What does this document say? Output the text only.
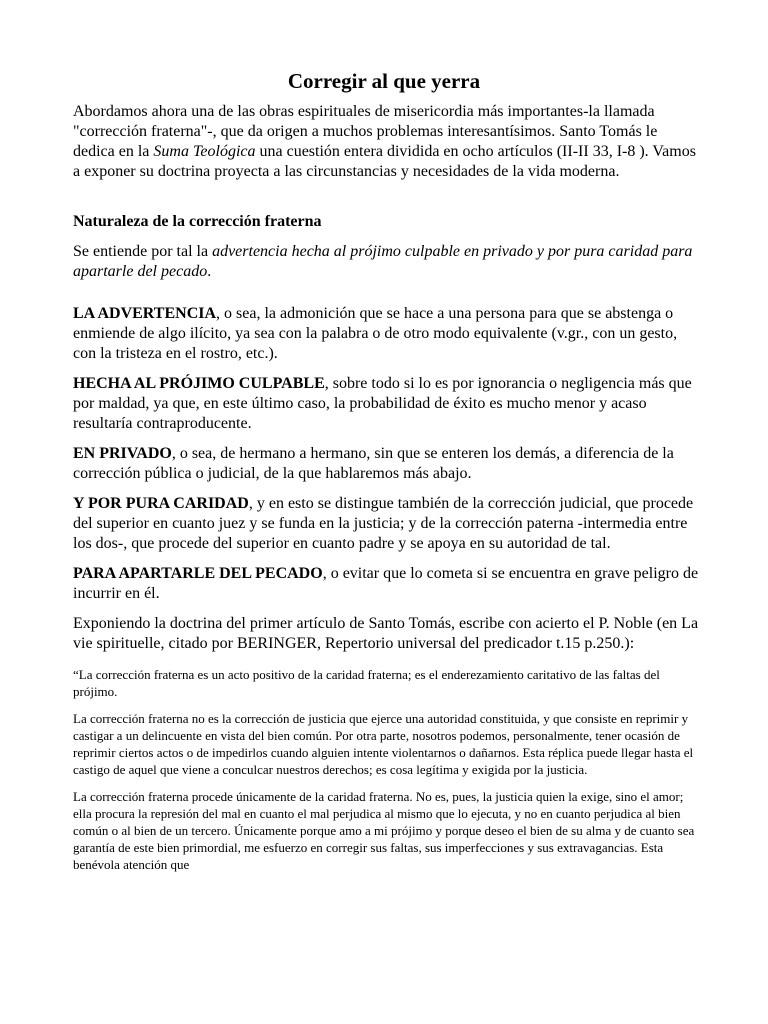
Corregir al que yerra

Abordamos ahora una de las obras espirituales de misericordia más importantes-la llamada "corrección fraterna"-, que da origen a muchos problemas interesantísimos. Santo Tomás le dedica en la Suma Teológica una cuestión entera dividida en ocho artículos (II-II 33, I-8 ). Vamos a exponer su doctrina proyecta a las circunstancias y necesidades de la vida moderna.

Naturaleza de la corrección fraterna

Se entiende por tal la advertencia hecha al prójimo culpable en privado y por pura caridad para apartarle del pecado.

LA ADVERTENCIA, o sea, la admonición que se hace a una persona para que se abstenga o enmiende de algo ilícito, ya sea con la palabra o de otro modo equivalente (v.gr., con un gesto, con la tristeza en el rostro, etc.).

HECHA AL PRÓJIMO CULPABLE, sobre todo si lo es por ignorancia o negligencia más que por maldad, ya que, en este último caso, la probabilidad de éxito es mucho menor y acaso resultaría contraproducente.

EN PRIVADO, o sea, de hermano a hermano, sin que se enteren los demás, a diferencia de la corrección pública o judicial, de la que hablaremos más abajo.

Y POR PURA CARIDAD, y en esto se distingue también de la corrección judicial, que procede del superior en cuanto juez y se funda en la justicia; y de la corrección paterna -intermedia entre los dos-, que procede del superior en cuanto padre y se apoya en su autoridad de tal.

PARA APARTARLE DEL PECADO, o evitar que lo cometa si se encuentra en grave peligro de incurrir en él.

Exponiendo la doctrina del primer artículo de Santo Tomás, escribe con acierto el P. Noble (en La vie spirituelle, citado por BERINGER, Repertorio universal del predicador t.15 p.250.):

“La corrección fraterna es un acto positivo de la caridad fraterna; es el enderezamiento caritativo de las faltas del prójimo.

La corrección fraterna no es la corrección de justicia que ejerce una autoridad constituida, y que consiste en reprimir y castigar a un delincuente en vista del bien común. Por otra parte, nosotros podemos, personalmente, tener ocasión de reprimir ciertos actos o de impedirlos cuando alguien intente violentarnos o dañarnos. Esta réplica puede llegar hasta el castigo de aquel que viene a conculcar nuestros derechos; es cosa legítima y exigida por la justicia.

La corrección fraterna procede únicamente de la caridad fraterna. No es, pues, la justicia quien la exige, sino el amor; ella procura la represión del mal en cuanto el mal perjudica al mismo que lo ejecuta, y no en cuanto perjudica al bien común o al bien de un tercero. Únicamente porque amo a mi prójimo y porque deseo el bien de su alma y de cuanto sea garantía de este bien primordial, me esfuerzo en corregir sus faltas, sus imperfecciones y sus extravagancias. Esta benévola atención que
